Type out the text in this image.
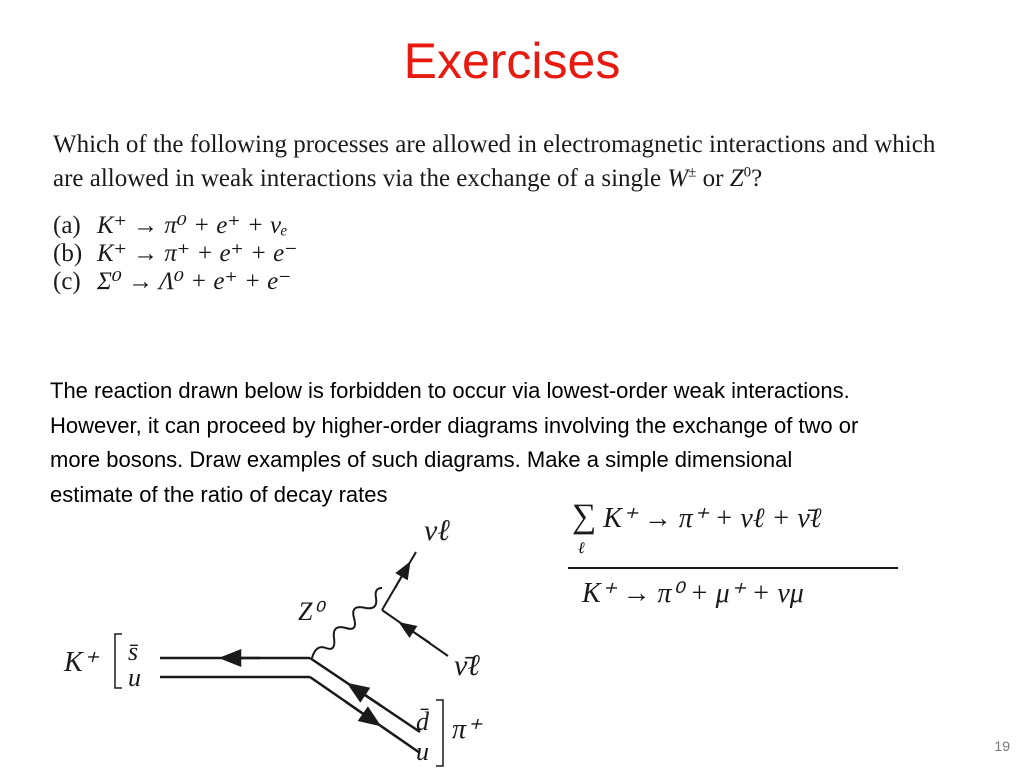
Exercises
Which of the following processes are allowed in electromagnetic interactions and which
are allowed in weak interactions via the exchange of a single W± or $Z^0$?
(a) K⁺ → π⁰ + e⁺ + νₑ
(b) K⁺ → π⁺ + e⁺ + e⁻
(c) Σ⁰ → Λ⁰ + e⁺ + e⁻
The reaction drawn below is forbidden to occur via lowest-order weak interactions.
However, it can proceed by higher-order diagrams involving the exchange of two or
more bosons. Draw examples of such diagrams. Make a simple dimensional
estimate of the ratio of decay rates
∑ K⁺ → π⁺ + νℓ + ν̄ℓ
ℓ
K⁺ → π⁰ + μ⁺ + νμ
K⁺ s̄
u
Z⁰
νℓ
ν̄ℓ
d̄
u
π⁺
19
